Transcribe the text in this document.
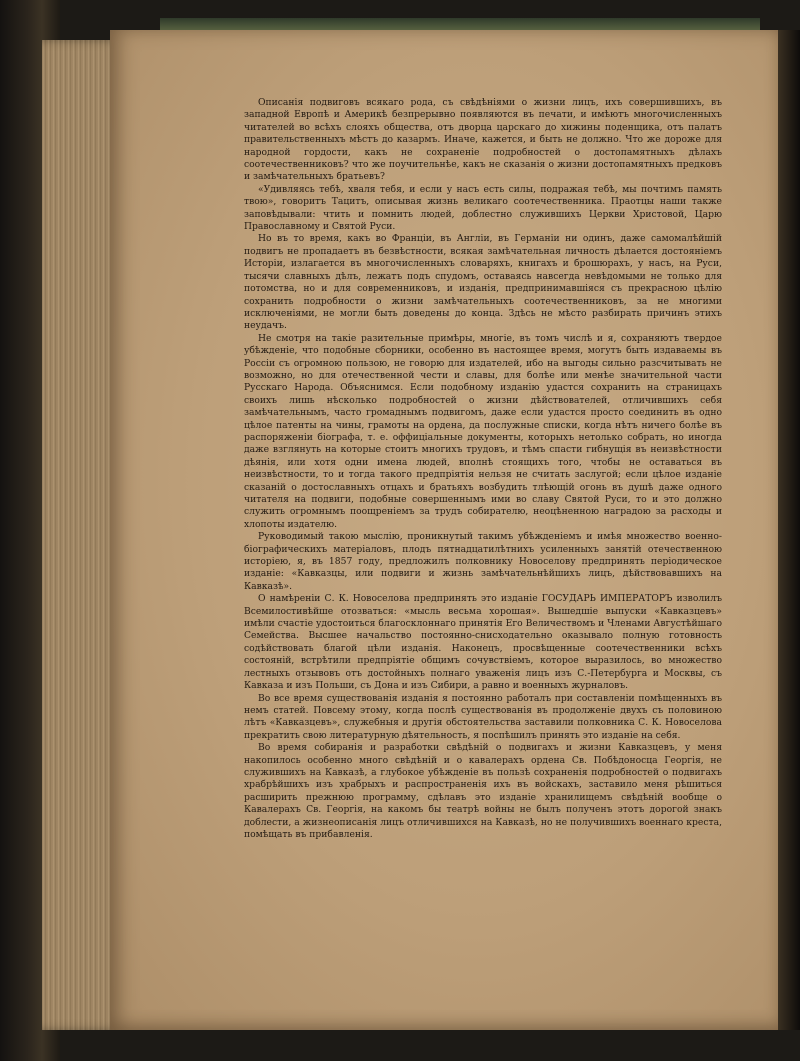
Описанія подвиговъ всякаго рода, съ свѣдѣніями о жизни лицъ, ихъ совершившихъ, въ западной Европѣ и Америкѣ безпрерывно появляются въ печати, и имѣютъ многочисленныхъ читателей во всѣхъ слояхъ общества, отъ дворца царскаго до хижины поденщика, отъ палатъ правительственныхъ мѣстъ до казармъ. Иначе, кажется, и быть не должно. Что же дороже для народной гордости, какъ не сохраненіе подробностей о достопамятныхъ дѣлахъ соотечественниковъ? что же поучительнѣе, какъ не сказанія о жизни достопамятныхъ предковъ и замѣчательныхъ братьевъ?

«Удивляясь тебѣ, хваля тебя, и если у насъ есть силы, подражая тебѣ, мы почтимъ память твою», говоритъ Тацитъ, описывая жизнь великаго соотечественника. Праотцы наши также заповѣдывали: чтить и помнить людей, доблестно служившихъ Церкви Христовой, Царю Православному и Святой Руси.

Но въ то время, какъ во Франціи, въ Англіи, въ Германіи ни одинъ, даже самомалѣйшій подвигъ не пропадаетъ въ безвѣстности, всякая замѣчательная личность дѣлается достояніемъ Исторіи, излагается въ многочисленныхъ словаряхъ, книгахъ и брошюрахъ, у насъ, на Руси, тысячи славныхъ дѣлъ, лежатъ подъ спудомъ, оставаясь навсегда невѣдомыми не только для потомства, но и для современниковъ, и изданія, предпринимавшіяся съ прекрасною цѣлію сохранить подробности о жизни замѣчательныхъ соотечественниковъ, за не многими исключеніями, не могли быть доведены до конца. Здѣсь не мѣсто разбирать причинъ этихъ неудачъ.

Не смотря на такіе разительные примѣры, многіе, въ томъ числѣ и я, сохраняютъ твердое убѣжденіе, что подобные сборники, особенно въ настоящее время, могутъ быть издаваемы въ Россіи съ огромною пользою, не говорю для издателей, ибо на выгоды сильно разсчитывать не возможно, но для отечественной чести и славы, для болѣе или менѣе значительной части Русскаго Народа. Объяснимся. Если подобному изданію удастся сохранить на страницахъ своихъ лишь нѣсколько подробностей о жизни дѣйствователей, отличившихъ себя замѣчательнымъ, часто громаднымъ подвигомъ, даже если удастся просто соединить въ одно цѣлое патенты на чины, грамоты на ордена, да послужные списки, когда нѣтъ ничего болѣе въ распоряженіи біографа, т. е. оффиціальные документы, которыхъ нетолько собрать, но иногда даже взглянуть на которые стоитъ многихъ трудовъ, и тѣмъ спасти гибнущія въ неизвѣстности дѣянія, или хотя одни имена людей, вполнѣ стоящихъ того, чтобы не оставаться въ неизвѣстности, то и тогда такого предпріятія нельзя не считать заслугой; если цѣлое изданіе сказаній о достославныхъ отцахъ и братьяхъ возбудить тлѣющій огонь въ душѣ даже одного читателя на подвиги, подобные совершеннымъ ими во славу Святой Руси, то и это должно служить огромнымъ поощреніемъ за трудъ собирателю, неоцѣненною наградою за расходы и хлопоты издателю.

Руководимый такою мыслію, проникнутый такимъ убѣжденіемъ и имѣя множество военно-біографическихъ матеріаловъ, плодъ пятнадцатилѣтнихъ усиленныхъ занятій отечественною исторіею, я, въ 1857 году, предложилъ полковнику Новоселову предпринять періодическое изданіе: «Кавказцы, или подвиги и жизнь замѣчательнѣйшихъ лицъ, дѣйствовавшихъ на Кавказѣ».

О намѣреніи С. К. Новоселова предпринять это изданіе ГОСУДАРЬ ИМПЕРАТОРЪ изволилъ Всемилостивѣйше отозваться: «мысль весьма хорошая». Вышедшіе выпуски «Кавказцевъ» имѣли счастіе удостоиться благосклоннаго принятія Его Величествомъ и Членами Августѣйшаго Семейства. Высшее начальство постоянно-снисходательно оказывало полную готовность содѣйствовать благой цѣли изданія. Наконецъ, просвѣщенные соотечественники всѣхъ состояній, встрѣтили предпріятіе общимъ сочувствіемъ, которое выразилось, во множество лестныхъ отзывовъ отъ достойныхъ полнаго уваженія лицъ изъ С.-Петербурга и Москвы, съ Кавказа и изъ Польши, съ Дона и изъ Сибири, а равно и военныхъ журналовъ.

Во все время существованія изданія я постоянно работалъ при составленіи помѣщенныхъ въ немъ статей. Повсему этому, когда послѣ существованія въ продолженіе двухъ съ половиною лѣтъ «Кавказцевъ», служебныя и другія обстоятельства заставили полковника С. К. Новоселова прекратить свою литературную дѣятельность, я поспѣшилъ принять это изданіе на себя.

Во время собиранія и разработки свѣдѣній о подвигахъ и жизни Кавказцевъ, у меня накопилось особенно много свѣдѣній и о кавалерахъ ордена Св. Побѣдоносца Георгія, не служившихъ на Кавказѣ, а глубокое убѣжденіе въ пользѣ сохраненія подробностей о подвигахъ храбрѣйшихъ изъ храбрыхъ и распространенія ихъ въ войскахъ, заставило меня рѣшиться расширить прежнюю программу, сдѣлавъ это изданіе хранилищемъ свѣдѣній вообще о Кавалерахъ Св. Георгія, на какомъ бы театрѣ войны не былъ полученъ этотъ дорогой знакъ доблести, а жизнеописанія лицъ отличившихся на Кавказѣ, но не получившихъ военнаго креста, помѣщать въ прибавленія.
